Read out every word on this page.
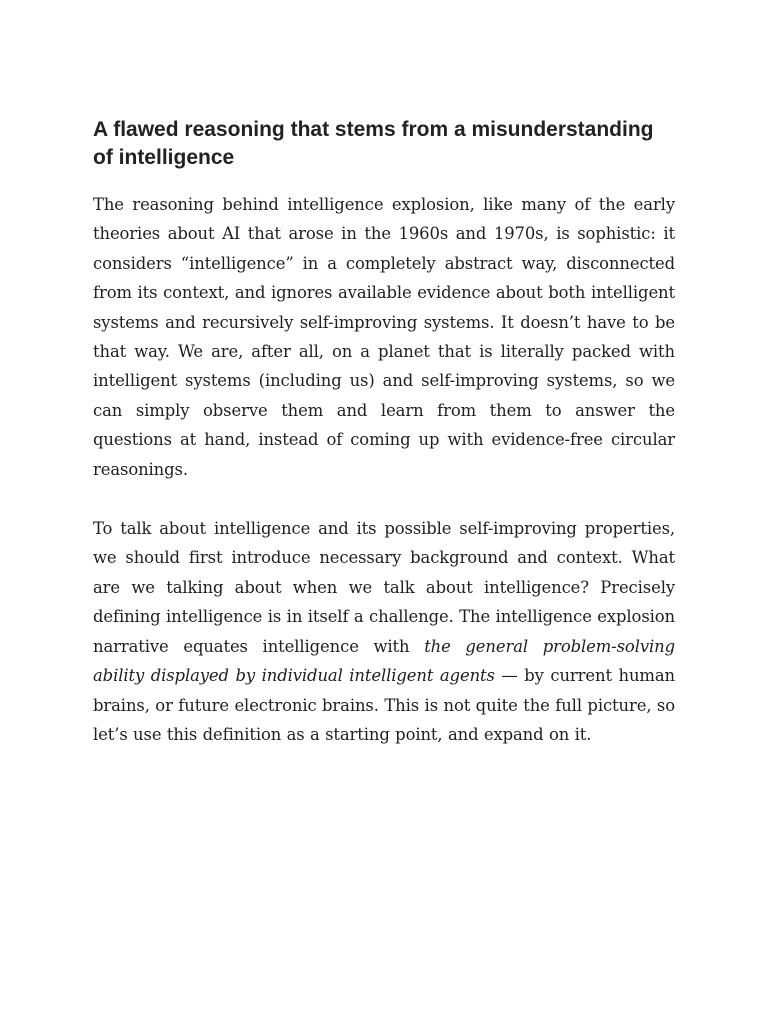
A flawed reasoning that stems from a misunderstanding of intelligence

The reasoning behind intelligence explosion, like many of the early theories about AI that arose in the 1960s and 1970s, is sophistic: it considers “intelligence” in a completely abstract way, disconnected from its context, and ignores available evidence about both intelligent systems and recursively self-improving systems. It doesn’t have to be that way. We are, after all, on a planet that is literally packed with intelligent systems (including us) and self-improving systems, so we can simply observe them and learn from them to answer the questions at hand, instead of coming up with evidence-free circular reasonings.

To talk about intelligence and its possible self-improving properties, we should first introduce necessary background and context. What are we talking about when we talk about intelligence? Precisely defining intelligence is in itself a challenge. The intelligence explosion narrative equates intelligence with the general problem-solving ability displayed by individual intelligent agents — by current human brains, or future electronic brains. This is not quite the full picture, so let’s use this definition as a starting point, and expand on it.
